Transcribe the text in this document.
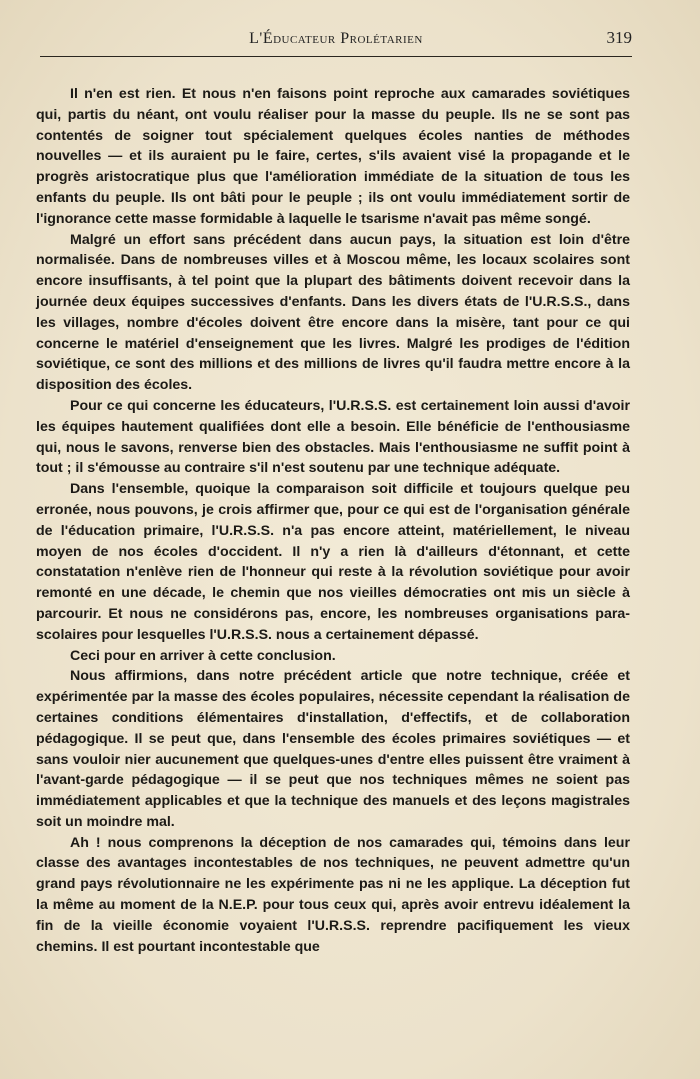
L'Éducateur Prolétarien	319

Il n'en est rien. Et nous n'en faisons point reproche aux camarades soviétiques qui, partis du néant, ont voulu réaliser pour la masse du peuple. Ils ne se sont pas contentés de soigner tout spécialement quelques écoles nanties de méthodes nouvelles — et ils auraient pu le faire, certes, s'ils avaient visé la propagande et le progrès aristocratique plus que l'amélioration immédiate de la situation de tous les enfants du peuple. Ils ont bâti pour le peuple ; ils ont voulu immédiatement sortir de l'ignorance cette masse formidable à laquelle le tsarisme n'avait pas même songé.

Malgré un effort sans précédent dans aucun pays, la situation est loin d'être normalisée. Dans de nombreuses villes et à Moscou même, les locaux scolaires sont encore insuffisants, à tel point que la plupart des bâtiments doivent recevoir dans la journée deux équipes successives d'enfants. Dans les divers états de l'U.R.S.S., dans les villages, nombre d'écoles doivent être encore dans la misère, tant pour ce qui concerne le matériel d'enseignement que les livres. Malgré les prodiges de l'édition soviétique, ce sont des millions et des millions de livres qu'il faudra mettre encore à la disposition des écoles.

Pour ce qui concerne les éducateurs, l'U.R.S.S. est certainement loin aussi d'avoir les équipes hautement qualifiées dont elle a besoin. Elle bénéficie de l'enthousiasme qui, nous le savons, renverse bien des obstacles. Mais l'enthousiasme ne suffit point à tout ; il s'émousse au contraire s'il n'est soutenu par une technique adéquate.

Dans l'ensemble, quoique la comparaison soit difficile et toujours quelque peu erronée, nous pouvons, je crois affirmer que, pour ce qui est de l'organisation générale de l'éducation primaire, l'U.R.S.S. n'a pas encore atteint, matériellement, le niveau moyen de nos écoles d'occident. Il n'y a rien là d'ailleurs d'étonnant, et cette constatation n'enlève rien de l'honneur qui reste à la révolution soviétique pour avoir remonté en une décade, le chemin que nos vieilles démocraties ont mis un siècle à parcourir. Et nous ne considérons pas, encore, les nombreuses organisations para-scolaires pour lesquelles l'U.R.S.S. nous a certainement dépassé.

Ceci pour en arriver à cette conclusion.

Nous affirmions, dans notre précédent article que notre technique, créée et expérimentée par la masse des écoles populaires, nécessite cependant la réalisation de certaines conditions élémentaires d'installation, d'effectifs, et de collaboration pédagogique. Il se peut que, dans l'ensemble des écoles primaires soviétiques — et sans vouloir nier aucunement que quelques-unes d'entre elles puissent être vraiment à l'avant-garde pédagogique — il se peut que nos techniques mêmes ne soient pas immédiatement applicables et que la technique des manuels et des leçons magistrales soit un moindre mal.

Ah ! nous comprenons la déception de nos camarades qui, témoins dans leur classe des avantages incontestables de nos techniques, ne peuvent admettre qu'un grand pays révolutionnaire ne les expérimente pas ni ne les applique. La déception fut la même au moment de la N.E.P. pour tous ceux qui, après avoir entrevu idéalement la fin de la vieille économie voyaient l'U.R.S.S. reprendre pacifiquement les vieux chemins. Il est pourtant incontestable que
